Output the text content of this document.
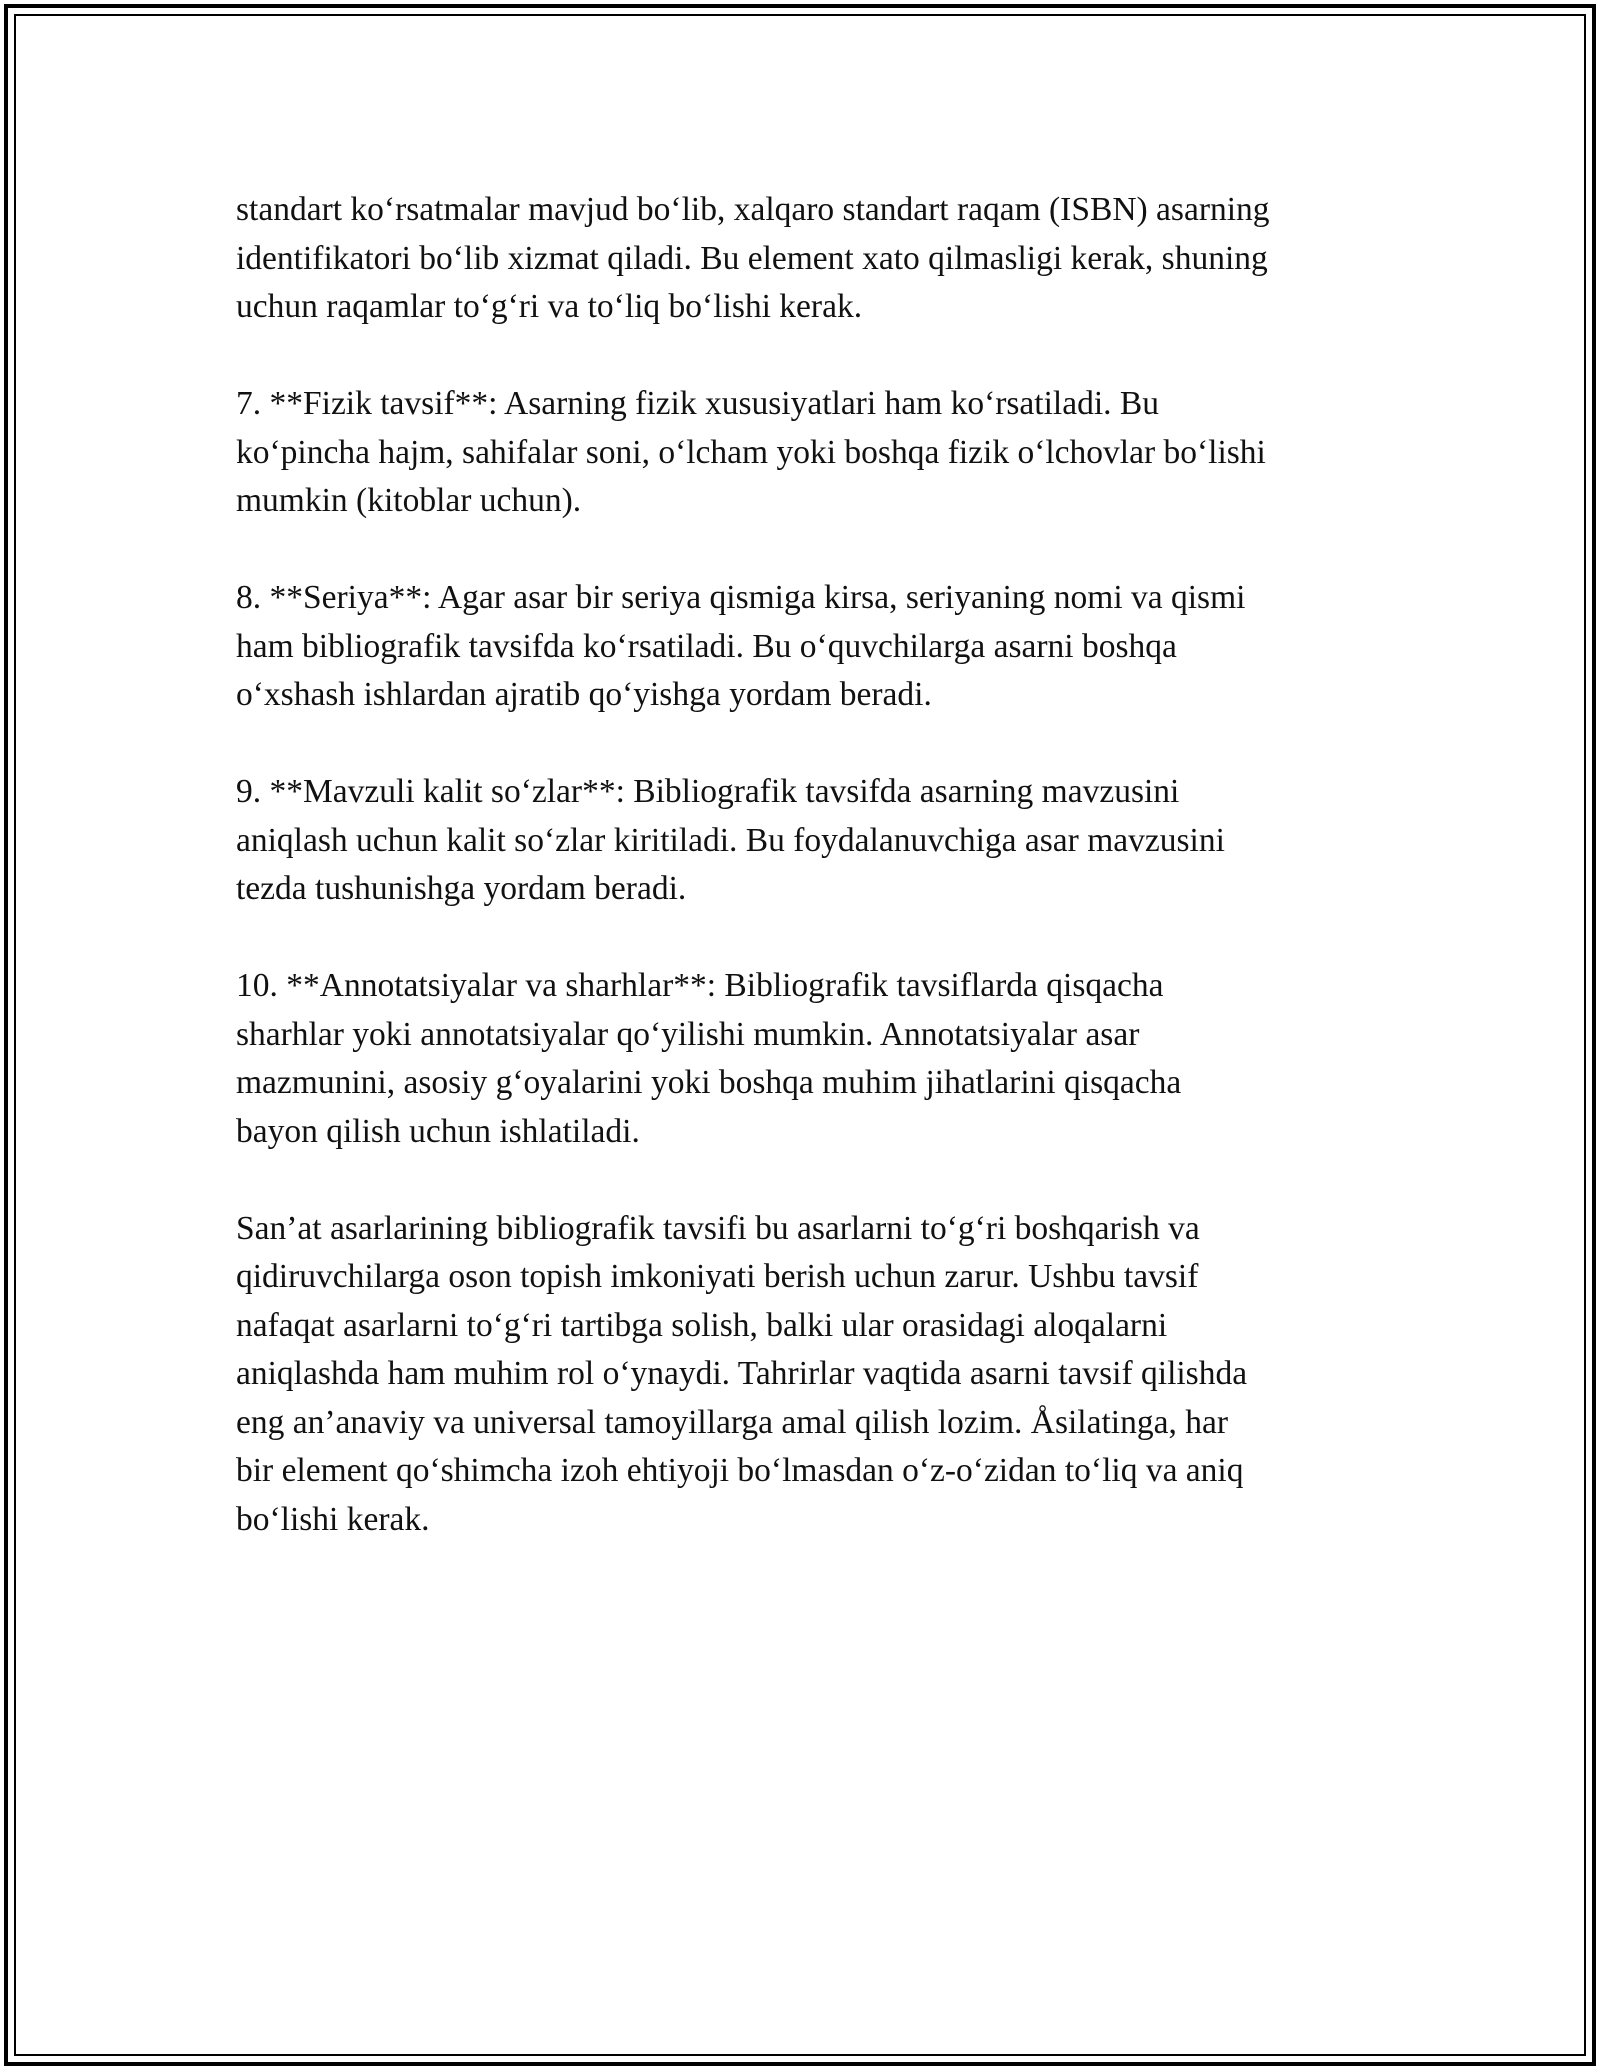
standart ko‘rsatmalar mavjud bo‘lib, xalqaro standart raqam (ISBN) asarning
identifikatori bo‘lib xizmat qiladi. Bu element xato qilmasligi kerak, shuning
uchun raqamlar to‘g‘ri va to‘liq bo‘lishi kerak.

7. **Fizik tavsif**: Asarning fizik xususiyatlari ham ko‘rsatiladi. Bu
ko‘pincha hajm, sahifalar soni, o‘lcham yoki boshqa fizik o‘lchovlar bo‘lishi
mumkin (kitoblar uchun).

8. **Seriya**: Agar asar bir seriya qismiga kirsa, seriyaning nomi va qismi
ham bibliografik tavsifda ko‘rsatiladi. Bu o‘quvchilarga asarni boshqa
o‘xshash ishlardan ajratib qo‘yishga yordam beradi.

9. **Mavzuli kalit so‘zlar**: Bibliografik tavsifda asarning mavzusini
aniqlash uchun kalit so‘zlar kiritiladi. Bu foydalanuvchiga asar mavzusini
tezda tushunishga yordam beradi.

10. **Annotatsiyalar va sharhlar**: Bibliografik tavsiflarda qisqacha
sharhlar yoki annotatsiyalar qo‘yilishi mumkin. Annotatsiyalar asar
mazmunini, asosiy g‘oyalarini yoki boshqa muhim jihatlarini qisqacha
bayon qilish uchun ishlatiladi.

San’at asarlarining bibliografik tavsifi bu asarlarni to‘g‘ri boshqarish va
qidiruvchilarga oson topish imkoniyati berish uchun zarur. Ushbu tavsif
nafaqat asarlarni to‘g‘ri tartibga solish, balki ular orasidagi aloqalarni
aniqlashda ham muhim rol o‘ynaydi. Tahrirlar vaqtida asarni tavsif qilishda
eng an’anaviy va universal tamoyillarga amal qilish lozim. Åsilatinga, har
bir element qo‘shimcha izoh ehtiyoji bo‘lmasdan o‘z-o‘zidan to‘liq va aniq
bo‘lishi kerak.
